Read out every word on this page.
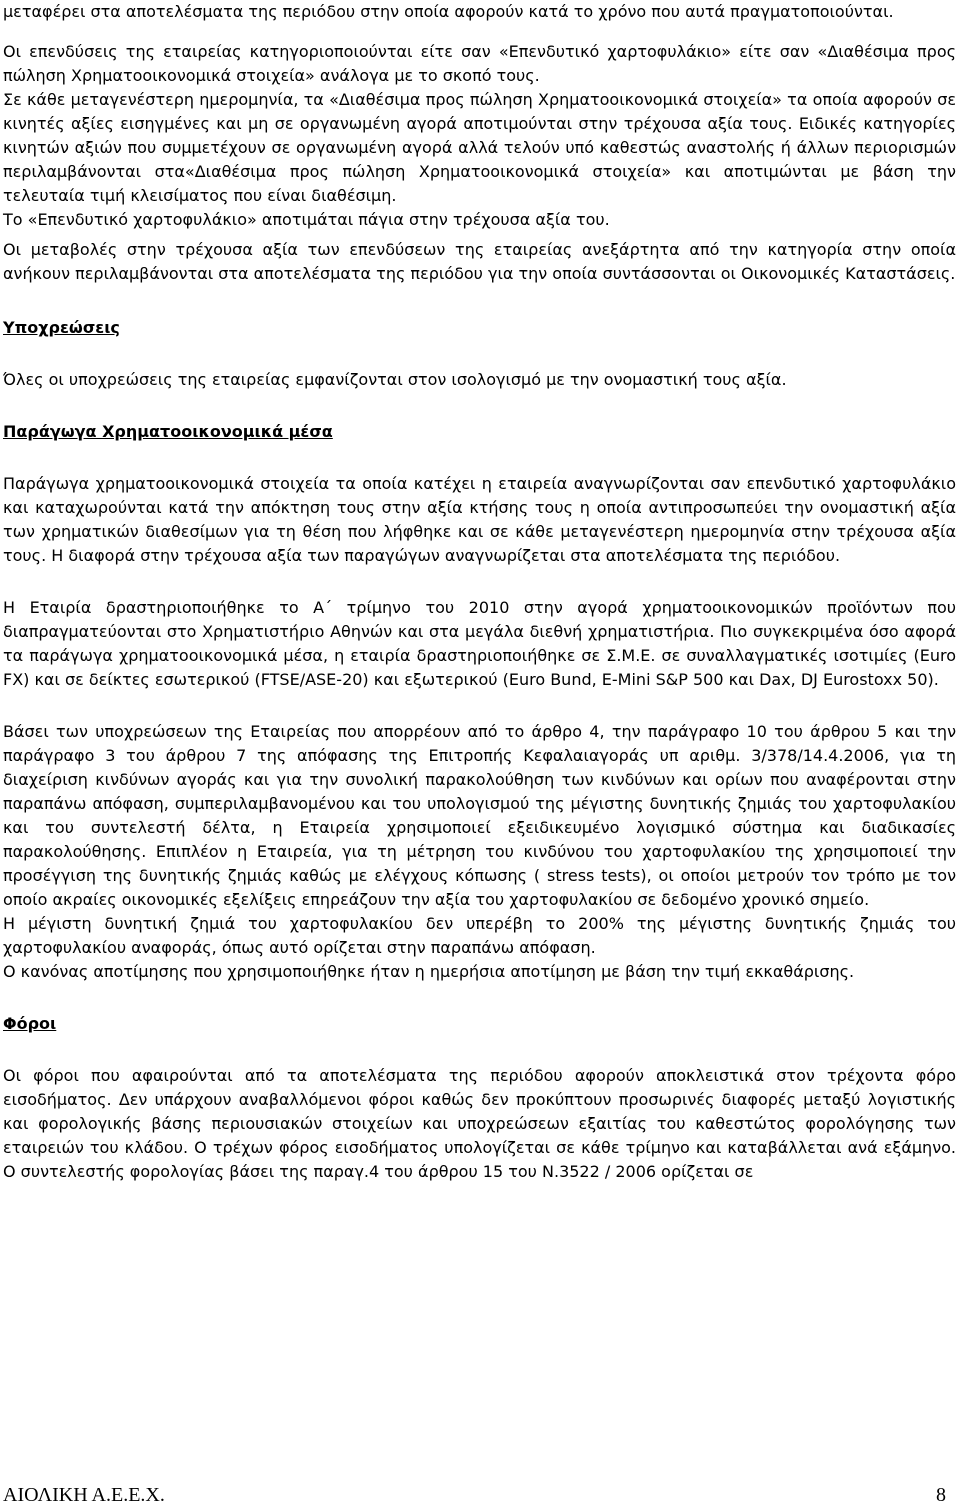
μεταφέρει στα αποτελέσματα της περιόδου στην οποία αφορούν κατά το χρόνο που αυτά πραγματοποιούνται.

Οι επενδύσεις της εταιρείας κατηγοριοποιούνται είτε σαν «Επενδυτικό χαρτοφυλάκιο» είτε σαν «Διαθέσιμα προς πώληση Χρηματοοικονομικά στοιχεία» ανάλογα με το σκοπό τους.

Σε κάθε μεταγενέστερη ημερομηνία, τα «Διαθέσιμα προς πώληση Χρηματοοικονομικά στοιχεία» τα οποία αφορούν σε κινητές αξίες εισηγμένες και μη σε οργανωμένη αγορά αποτιμούνται στην τρέχουσα αξία τους. Ειδικές κατηγορίες κινητών αξιών που συμμετέχουν σε οργανωμένη αγορά αλλά τελούν υπό καθεστώς αναστολής ή άλλων περιορισμών περιλαμβάνονται στα«Διαθέσιμα προς πώληση Χρηματοοικονομικά στοιχεία» και αποτιμώνται με βάση την τελευταία τιμή κλεισίματος που είναι διαθέσιμη.

Το «Επενδυτικό χαρτοφυλάκιο» αποτιμάται πάγια στην τρέχουσα αξία του.

Οι μεταβολές στην τρέχουσα αξία των επενδύσεων της εταιρείας ανεξάρτητα από την κατηγορία στην οποία ανήκουν περιλαμβάνονται στα αποτελέσματα της περιόδου για την οποία συντάσσονται οι Οικονομικές Καταστάσεις.

Υποχρεώσεις

Όλες οι υποχρεώσεις της εταιρείας εμφανίζονται στον ισολογισμό με την ονομαστική τους αξία.

Παράγωγα Χρηματοοικονομικά μέσα

Παράγωγα χρηματοοικονομικά στοιχεία τα οποία κατέχει η εταιρεία αναγνωρίζονται σαν επενδυτικό χαρτοφυλάκιο και καταχωρούνται κατά την απόκτηση τους στην αξία κτήσης τους η οποία αντιπροσωπεύει την ονομαστική αξία των χρηματικών διαθεσίμων για τη θέση που λήφθηκε και σε κάθε μεταγενέστερη ημερομηνία στην τρέχουσα αξία τους. Η διαφορά στην τρέχουσα αξία των παραγώγων αναγνωρίζεται στα αποτελέσματα της περιόδου.

Η Εταιρία δραστηριοποιήθηκε το Α΄ τρίμηνο του 2010 στην αγορά χρηματοοικονομικών προϊόντων που διαπραγματεύονται στο Χρηματιστήριο Αθηνών και στα μεγάλα διεθνή χρηματιστήρια. Πιο συγκεκριμένα όσο αφορά τα παράγωγα χρηματοοικονομικά μέσα, η εταιρία δραστηριοποιήθηκε σε Σ.Μ.Ε. σε συναλλαγματικές ισοτιμίες (Euro FX) και σε δείκτες εσωτερικού (FTSE/ASE-20) και εξωτερικού (Euro Bund, E-Mini S&P 500 και Dax, DJ Eurostoxx 50).

Βάσει των υποχρεώσεων της Εταιρείας που απορρέουν από το άρθρο 4, την παράγραφο 10 του άρθρου 5 και την παράγραφο 3 του άρθρου 7 της απόφασης της Επιτροπής Κεφαλαιαγοράς υπ αριθμ. 3/378/14.4.2006, για τη διαχείριση κινδύνων αγοράς και για την συνολική παρακολούθηση των κινδύνων και ορίων που αναφέρονται στην παραπάνω απόφαση, συμπεριλαμβανομένου και του υπολογισμού της μέγιστης δυνητικής ζημιάς του χαρτοφυλακίου και του συντελεστή δέλτα, η Εταιρεία χρησιμοποιεί εξειδικευμένο λογισμικό σύστημα και διαδικασίες παρακολούθησης. Επιπλέον η Εταιρεία, για τη μέτρηση του κινδύνου του χαρτοφυλακίου της χρησιμοποιεί την προσέγγιση της δυνητικής ζημιάς καθώς με ελέγχους κόπωσης ( stress tests), οι οποίοι μετρούν τον τρόπο με τον οποίο ακραίες οικονομικές εξελίξεις επηρεάζουν την αξία του χαρτοφυλακίου σε δεδομένο χρονικό σημείο.

Η μέγιστη δυνητική ζημιά του χαρτοφυλακίου δεν υπερέβη το 200% της μέγιστης δυνητικής ζημιάς του χαρτοφυλακίου αναφοράς, όπως αυτό ορίζεται στην παραπάνω απόφαση.

Ο κανόνας αποτίμησης που χρησιμοποιήθηκε ήταν η ημερήσια αποτίμηση με βάση την τιμή εκκαθάρισης.

Φόροι

Οι φόροι που αφαιρούνται από τα αποτελέσματα της περιόδου αφορούν αποκλειστικά στον τρέχοντα φόρο εισοδήματος. Δεν υπάρχουν αναβαλλόμενοι φόροι καθώς δεν προκύπτουν προσωρινές διαφορές μεταξύ λογιστικής και φορολογικής βάσης περιουσιακών στοιχείων και υποχρεώσεων εξαιτίας του καθεστώτος φορολόγησης των εταιρειών του κλάδου. Ο τρέχων φόρος εισοδήματος υπολογίζεται σε κάθε τρίμηνο και καταβάλλεται ανά εξάμηνο. Ο συντελεστής φορολογίας βάσει της παραγ.4 του άρθρου 15 του Ν.3522 / 2006 ορίζεται σε

ΑΙΟΛΙΚΗ Α.Ε.Ε.Χ.	8
